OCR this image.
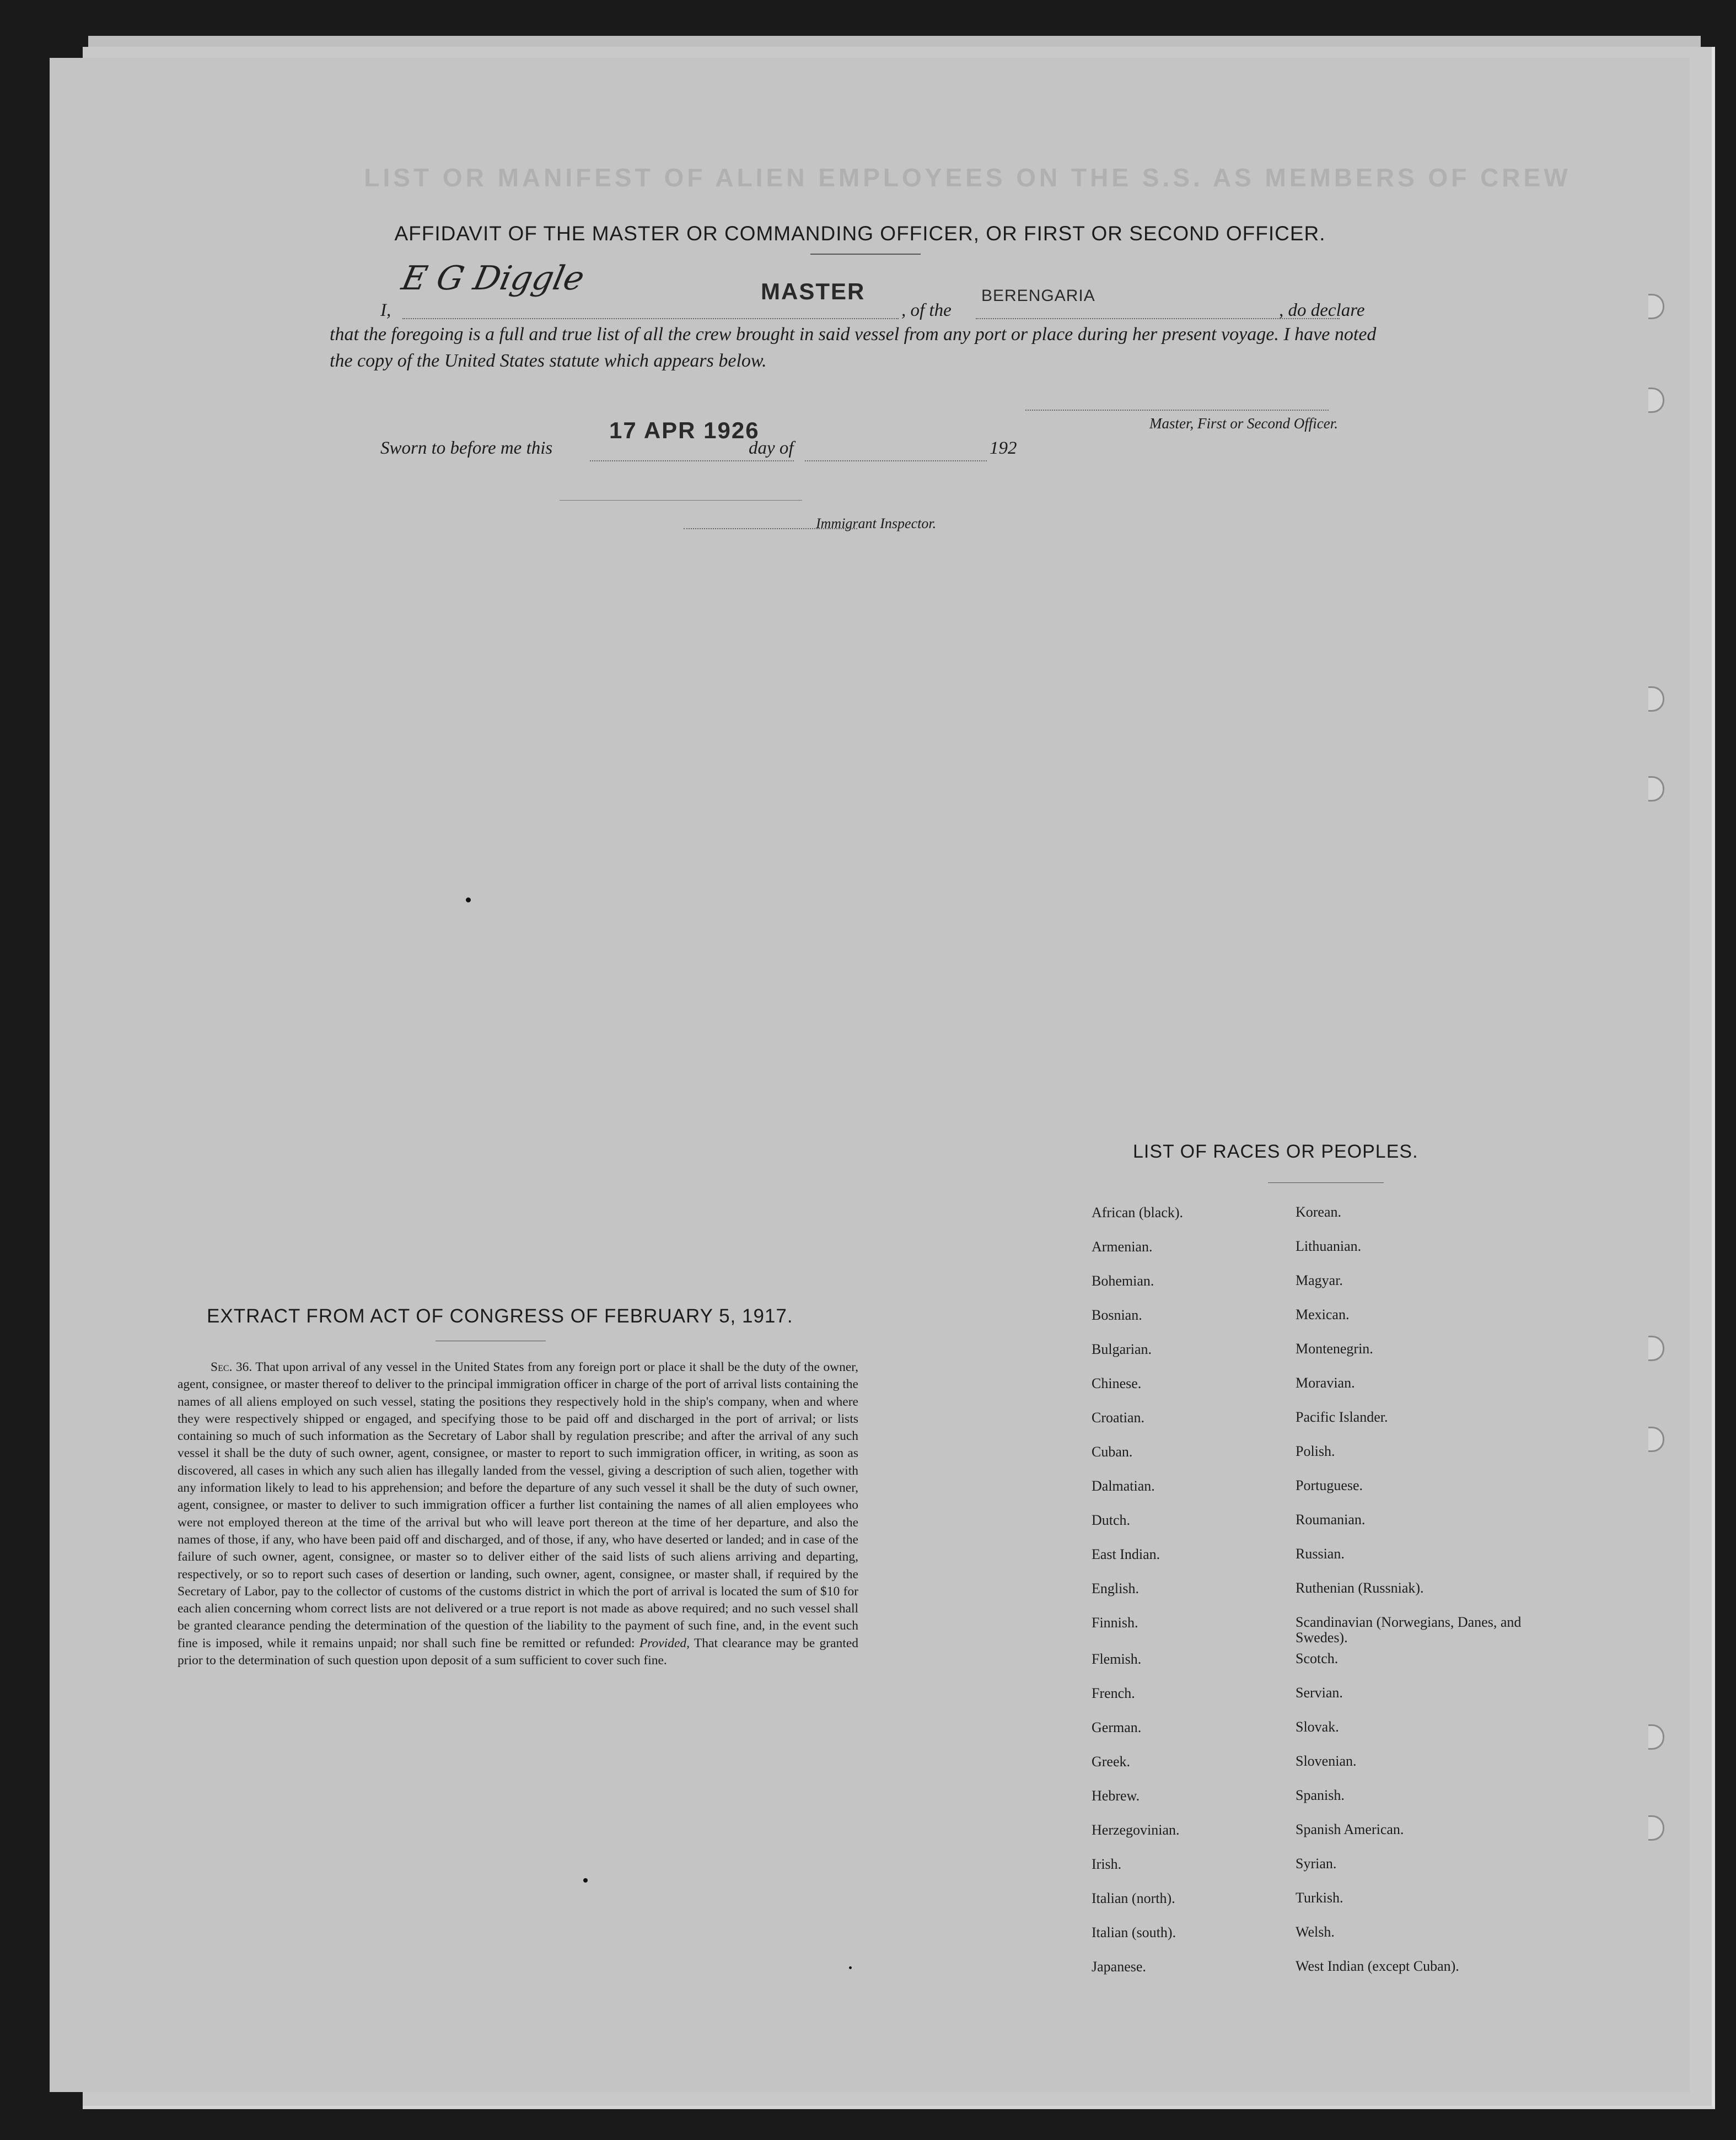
LIST OR MANIFEST OF ALIEN EMPLOYEES ON THE S.S. AS MEMBERS OF CREW
AFFIDAVIT OF THE MASTER OR COMMANDING OFFICER, OR FIRST OR SECOND OFFICER.
I,
E G Diggle	MASTER
, of the
BERENGARIA
, do declare
that the foregoing is a full and true list of all the crew brought in said vessel from any port or place during her present voyage. I have noted the copy of the United States statute which appears below.
Master, First or Second Officer.
Sworn to before me this
17 APR 1926
day of	192
Immigrant Inspector.
EXTRACT FROM ACT OF CONGRESS OF FEBRUARY 5, 1917.
Sec. 36. That upon arrival of any vessel in the United States from any foreign port or place it shall be the duty of the owner, agent, consignee, or master thereof to deliver to the principal immigration officer in charge of the port of arrival lists containing the names of all aliens employed on such vessel, stating the positions they respectively hold in the ship's company, when and where they were respectively shipped or engaged, and specifying those to be paid off and discharged in the port of arrival; or lists containing so much of such information as the Secretary of Labor shall by regulation prescribe; and after the arrival of any such vessel it shall be the duty of such owner, agent, consignee, or master to report to such immigration officer, in writing, as soon as discovered, all cases in which any such alien has illegally landed from the vessel, giving a description of such alien, together with any information likely to lead to his apprehension; and before the departure of any such vessel it shall be the duty of such owner, agent, consignee, or master to deliver to such immigration officer a further list containing the names of all alien employees who were not employed thereon at the time of the arrival but who will leave port thereon at the time of her departure, and also the names of those, if any, who have been paid off and discharged, and of those, if any, who have deserted or landed; and in case of the failure of such owner, agent, consignee, or master so to deliver either of the said lists of such aliens arriving and departing, respectively, or so to report such cases of desertion or landing, such owner, agent, consignee, or master shall, if required by the Secretary of Labor, pay to the collector of customs of the customs district in which the port of arrival is located the sum of $10 for each alien concerning whom correct lists are not delivered or a true report is not made as above required; and no such vessel shall be granted clearance pending the determination of the question of the liability to the payment of such fine, and, in the event such fine is imposed, while it remains unpaid; nor shall such fine be remitted or refunded: Provided, That clearance may be granted prior to the determination of such question upon deposit of a sum sufficient to cover such fine.
LIST OF RACES OR PEOPLES.
African (black).	Korean.
Armenian.	Lithuanian.
Bohemian.	Magyar.
Bosnian.	Mexican.
Bulgarian.	Montenegrin.
Chinese.	Moravian.
Croatian.	Pacific Islander.
Cuban.	Polish.
Dalmatian.	Portuguese.
Dutch.	Roumanian.
East Indian.	Russian.
English.	Ruthenian (Russniak).
Finnish.	Scandinavian (Norwegians, Danes, and Swedes).
Flemish.	Scotch.
French.	Servian.
German.	Slovak.
Greek.	Slovenian.
Hebrew.	Spanish.
Herzegovinian.	Spanish American.
Irish.	Syrian.
Italian (north).	Turkish.
Italian (south).	Welsh.
Japanese.	West Indian (except Cuban).
